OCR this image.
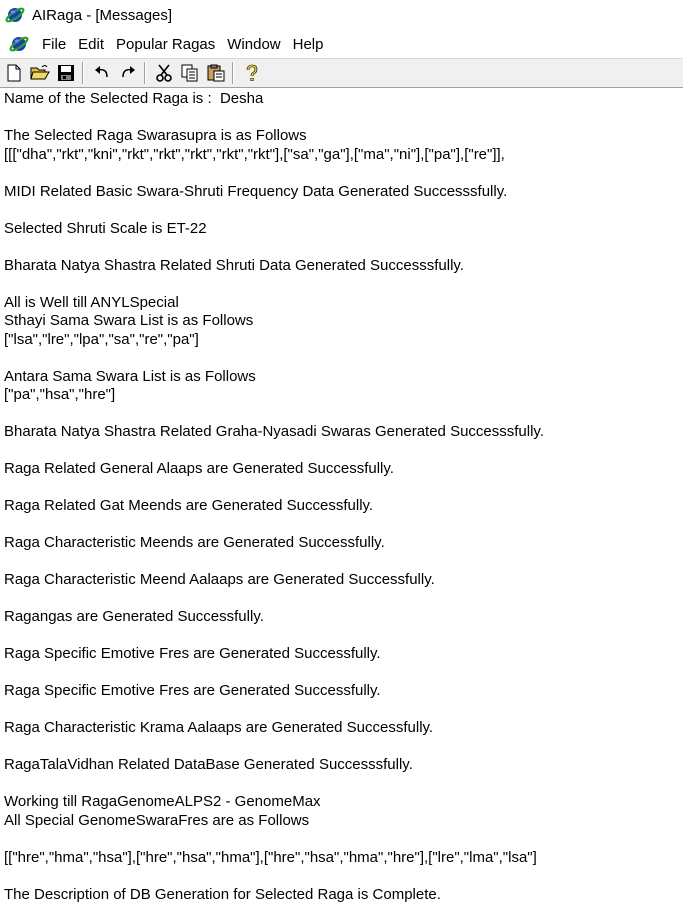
AIRaga - [Messages]
File Edit Popular Ragas Window Help
Name of the Selected Raga is :  Desha
The Selected Raga Swarasupra is as Follows
[[["dha","rkt","kni","rkt","rkt","rkt","rkt","rkt"],["sa","ga"],["ma","ni"],["pa"],["re"]],
MIDI Related Basic Swara-Shruti Frequency Data Generated Successsfully.
Selected Shruti Scale is ET-22
Bharata Natya Shastra Related Shruti Data Generated Successsfully.
All is Well till ANYLSpecial
Sthayi Sama Swara List is as Follows
["lsa","lre","lpa","sa","re","pa"]
Antara Sama Swara List is as Follows
["pa","hsa","hre"]
Bharata Natya Shastra Related Graha-Nyasadi Swaras Generated Successsfully.
Raga Related General Alaaps are Generated Successfully.
Raga Related Gat Meends are Generated Successfully.
Raga Characteristic Meends are Generated Successfully.
Raga Characteristic Meend Aalaaps are Generated Successfully.
Ragangas are Generated Successfully.
Raga Specific Emotive Fres are Generated Successfully.
Raga Specific Emotive Fres are Generated Successfully.
Raga Characteristic Krama Aalaaps are Generated Successfully.
RagaTalaVidhan Related DataBase Generated Successsfully.
Working till RagaGenomeALPS2 - GenomeMax
All Special GenomeSwaraFres are as Follows
[["hre","hma","hsa"],["hre","hsa","hma"],["hre","hsa","hma","hre"],["lre","lma","lsa"]
The Description of DB Generation for Selected Raga is Complete.
